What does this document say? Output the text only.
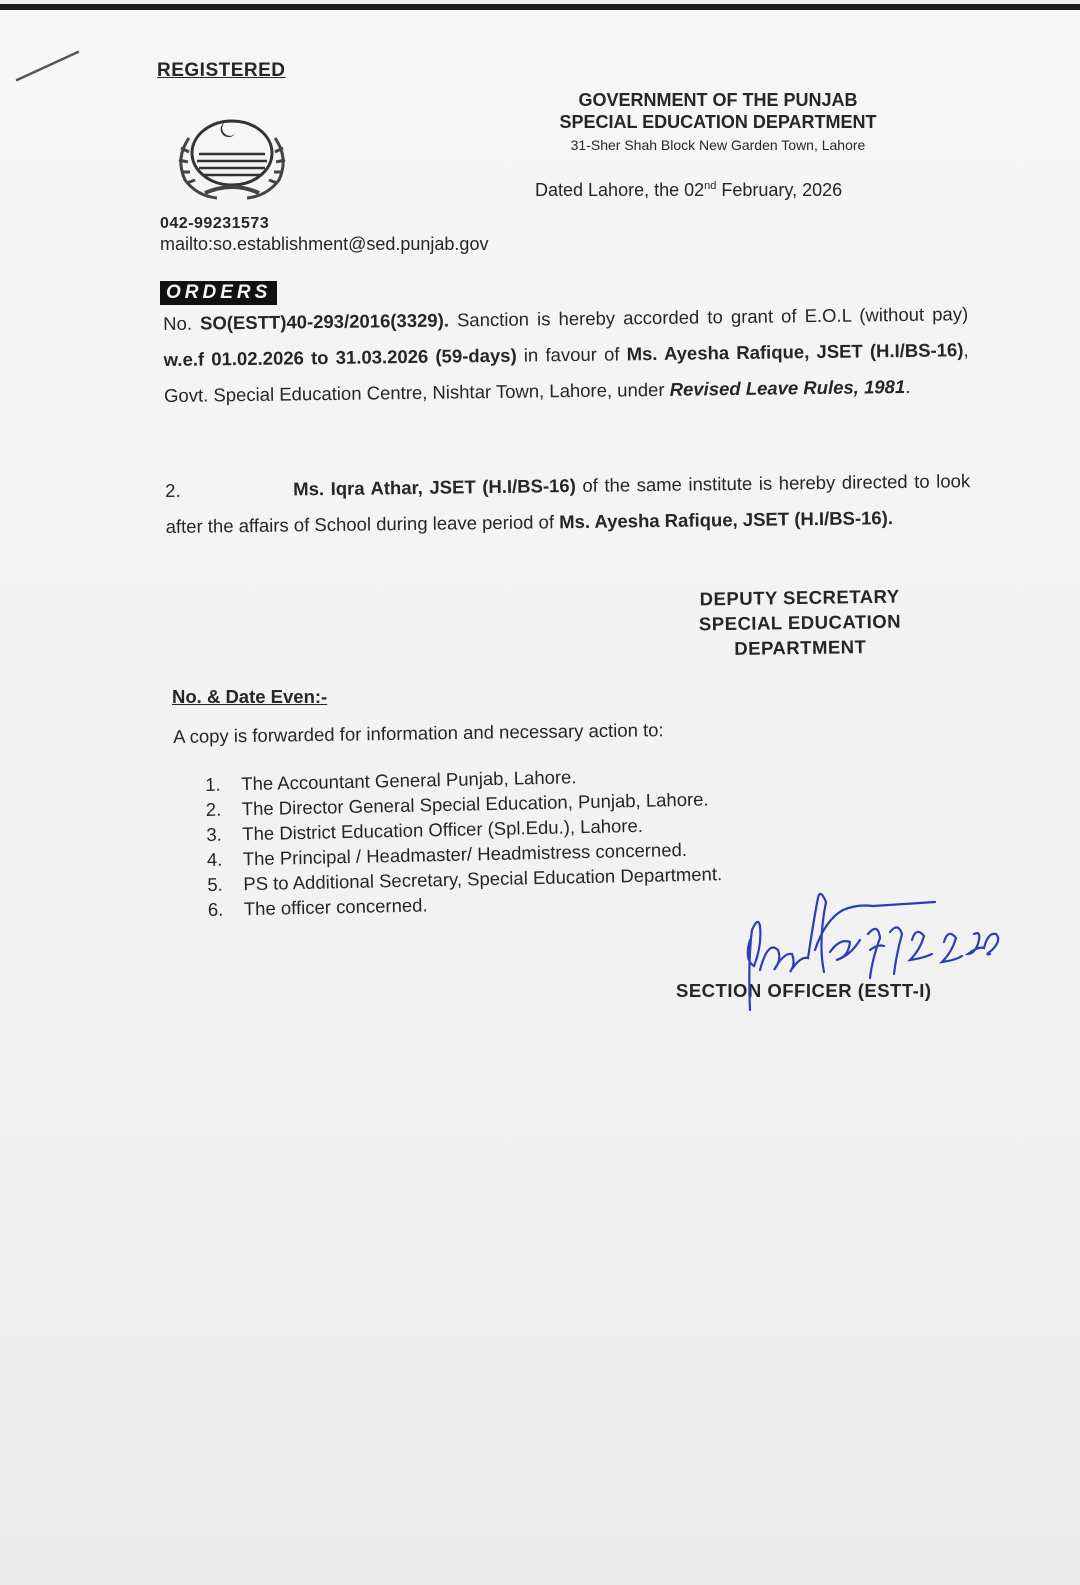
REGISTERED
042-99231573
mailto:so.establishment@sed.punjab.gov
GOVERNMENT OF THE PUNJAB
SPECIAL EDUCATION DEPARTMENT
31-Sher Shah Block New Garden Town, Lahore
Dated Lahore, the 02nd February, 2026
ORDERS
No. SO(ESTT)40-293/2016(3329). Sanction is hereby accorded to grant of E.O.L (without pay) w.e.f 01.02.2026 to 31.03.2026 (59-days) in favour of Ms. Ayesha Rafique, JSET (H.I/BS-16), Govt. Special Education Centre, Nishtar Town, Lahore, under Revised Leave Rules, 1981.
2.	Ms. Iqra Athar, JSET (H.I/BS-16) of the same institute is hereby directed to look after the affairs of School during leave period of Ms. Ayesha Rafique, JSET (H.I/BS-16).
DEPUTY SECRETARY
SPECIAL EDUCATION
DEPARTMENT
No. & Date Even:-
A copy is forwarded for information and necessary action to:
1.	The Accountant General Punjab, Lahore.
2.	The Director General Special Education, Punjab, Lahore.
3.	The District Education Officer (Spl.Edu.), Lahore.
4.	The Principal / Headmaster/ Headmistress concerned.
5.	PS to Additional Secretary, Special Education Department.
6.	The officer concerned.
SECTION OFFICER (ESTT-I)
